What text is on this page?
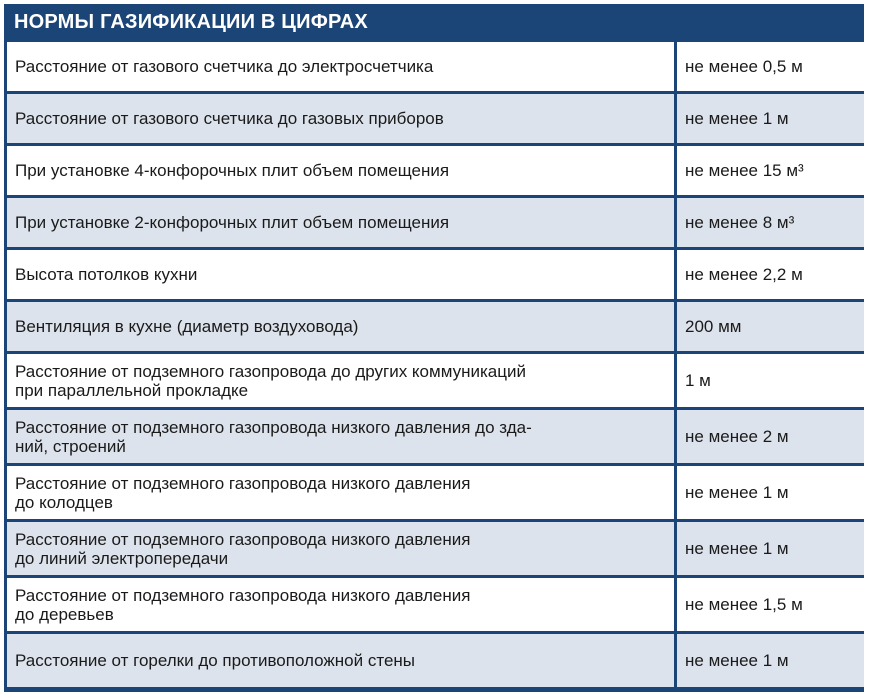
НОРМЫ ГАЗИФИКАЦИИ В ЦИФРАХ
Расстояние от газового счетчика до электросчетчика	не менее 0,5 м
Расстояние от газового счетчика до газовых приборов	не менее 1 м
При установке 4-конфорочных плит объем помещения	не менее 15 м³
При установке 2-конфорочных плит объем помещения	не менее 8 м³
Высота потолков кухни	не менее 2,2 м
Вентиляция в кухне (диаметр воздуховода)	200 мм
Расстояние от подземного газопровода до других коммуникаций
при параллельной прокладке	1 м
Расстояние от подземного газопровода низкого давления до зда-
ний, строений	не менее 2 м
Расстояние от подземного газопровода низкого давления
до колодцев	не менее 1 м
Расстояние от подземного газопровода низкого давления
до линий электропередачи	не менее 1 м
Расстояние от подземного газопровода низкого давления
до деревьев	не менее 1,5 м
Расстояние от горелки до противоположной стены	не менее 1 м
